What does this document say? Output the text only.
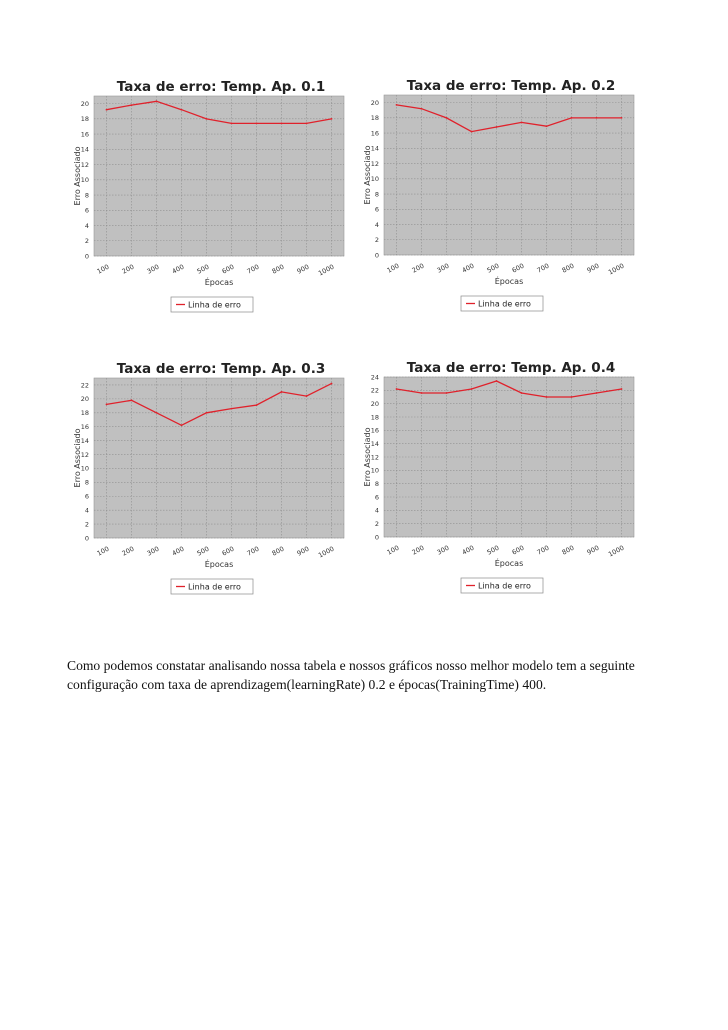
Taxa de erro: Temp. Ap. 0.1
0
2
4
6
8
10
12
14
16
18
20
100 200 300 400 500 600 700 800 900 1000
Épocas
Erro Associado
Linha de erro
Taxa de erro: Temp. Ap. 0.2
0
2
4
6
8
10
12
14
16
18
20
100 200 300 400 500 600 700 800 900 1000
Épocas
Erro Associado
Linha de erro
Taxa de erro: Temp. Ap. 0.3
0
2
4
6
8
10
12
14
16
18
20
22
100 200 300 400 500 600 700 800 900 1000
Épocas
Erro Associado
Linha de erro
Taxa de erro: Temp. Ap. 0.4
0
2
4
6
8
10
12
14
16
18
20
22
24
100 200 300 400 500 600 700 800 900 1000
Épocas
Erro Associado
Linha de erro

Como podemos constatar analisando nossa tabela e nossos gráficos nosso melhor modelo tem a seguinte configuração com taxa de aprendizagem(learningRate) 0.2 e épocas(TrainingTime) 400.
